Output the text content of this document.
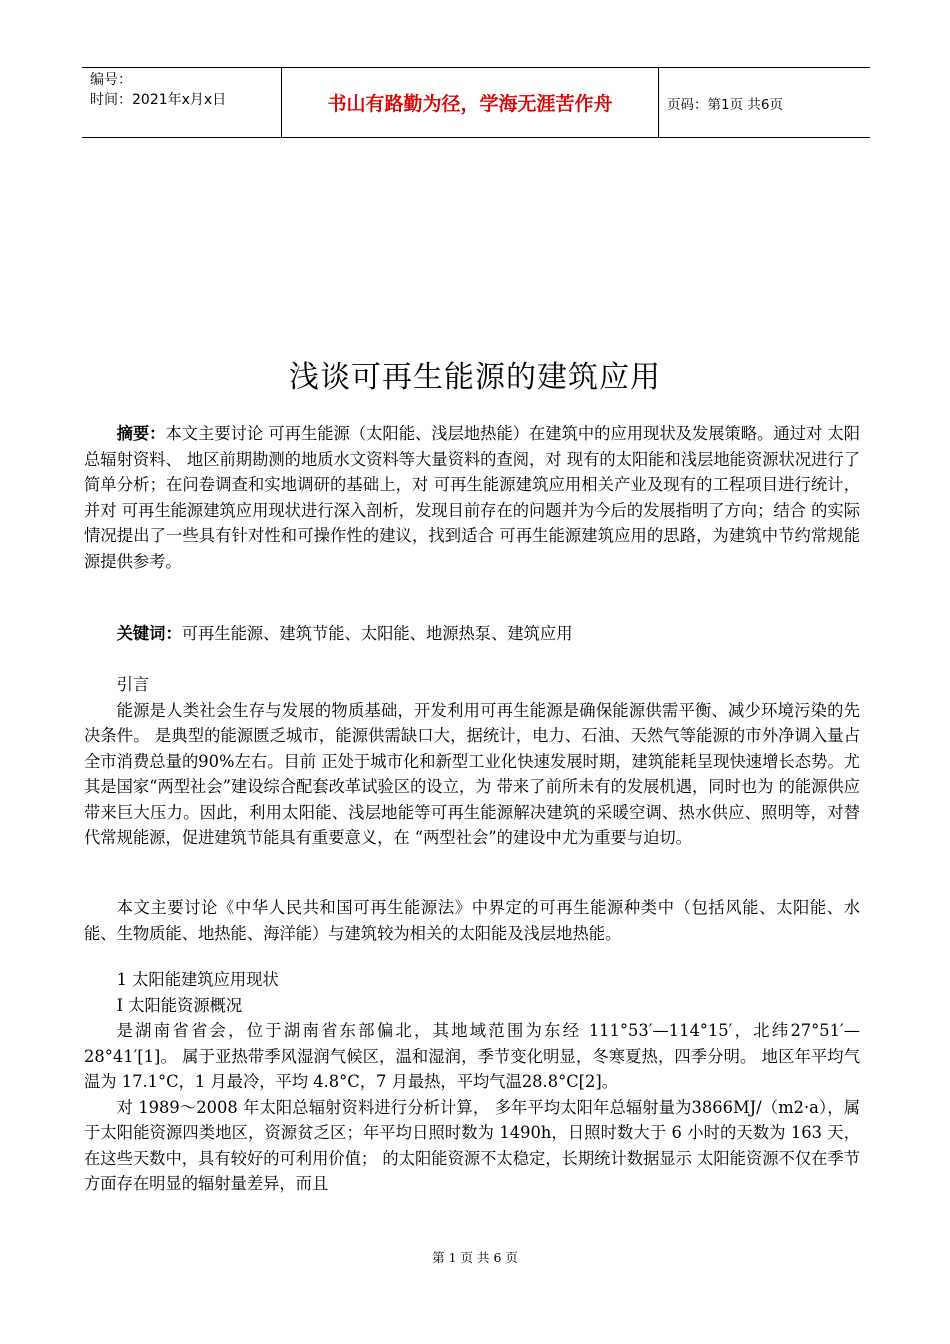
编号：
时间：2021年x月x日	书山有路勤为径，学海无涯苦作舟	页码：第1页 共6页
浅谈可再生能源的建筑应用

摘要：本文主要讨论 可再生能源（太阳能、浅层地热能）在建筑中的应用现状及发展策略。通过对 太阳总辐射资料、 地区前期勘测的地质水文资料等大量资料的查阅，对 现有的太阳能和浅层地能资源状况进行了简单分析；在问卷调查和实地调研的基础上，对 可再生能源建筑应用相关产业及现有的工程项目进行统计，并对 可再生能源建筑应用现状进行深入剖析，发现目前存在的问题并为今后的发展指明了方向；结合 的实际情况提出了一些具有针对性和可操作性的建议，找到适合 可再生能源建筑应用的思路，为建筑中节约常规能源提供参考。

关键词：可再生能源、建筑节能、太阳能、地源热泵、建筑应用

引言

能源是人类社会生存与发展的物质基础，开发利用可再生能源是确保能源供需平衡、减少环境污染的先决条件。 是典型的能源匮乏城市，能源供需缺口大，据统计，电力、石油、天然气等能源的市外净调入量占全市消费总量的90%左右。目前 正处于城市化和新型工业化快速发展时期，建筑能耗呈现快速增长态势。尤其是国家“两型社会”建设综合配套改革试验区的设立，为 带来了前所未有的发展机遇，同时也为 的能源供应带来巨大压力。因此，利用太阳能、浅层地能等可再生能源解决建筑的采暖空调、热水供应、照明等，对替代常规能源，促进建筑节能具有重要意义，在 “两型社会”的建设中尤为重要与迫切。

本文主要讨论《中华人民共和国可再生能源法》中界定的可再生能源种类中（包括风能、太阳能、水能、生物质能、地热能、海洋能）与建筑较为相关的太阳能及浅层地热能。

1 太阳能建筑应用现状

I 太阳能资源概况

是湖南省省会，位于湖南省东部偏北，其地域范围为东经 111°53′—114°15′，北纬27°51′—28°41′[1]。 属于亚热带季风湿润气候区，温和湿润，季节变化明显，冬寒夏热，四季分明。 地区年平均气温为 17.1°C，1 月最冷，平均 4.8°C，7 月最热，平均气温28.8°C[2]。

对 1989～2008 年太阳总辐射资料进行分析计算， 多年平均太阳年总辐射量为3866MJ/（m2·a），属于太阳能资源四类地区，资源贫乏区；年平均日照时数为 1490h，日照时数大于 6 小时的天数为 163 天，在这些天数中，具有较好的可利用价值； 的太阳能资源不太稳定，长期统计数据显示 太阳能资源不仅在季节方面存在明显的辐射量差异，而且

第 1 页 共 6 页
